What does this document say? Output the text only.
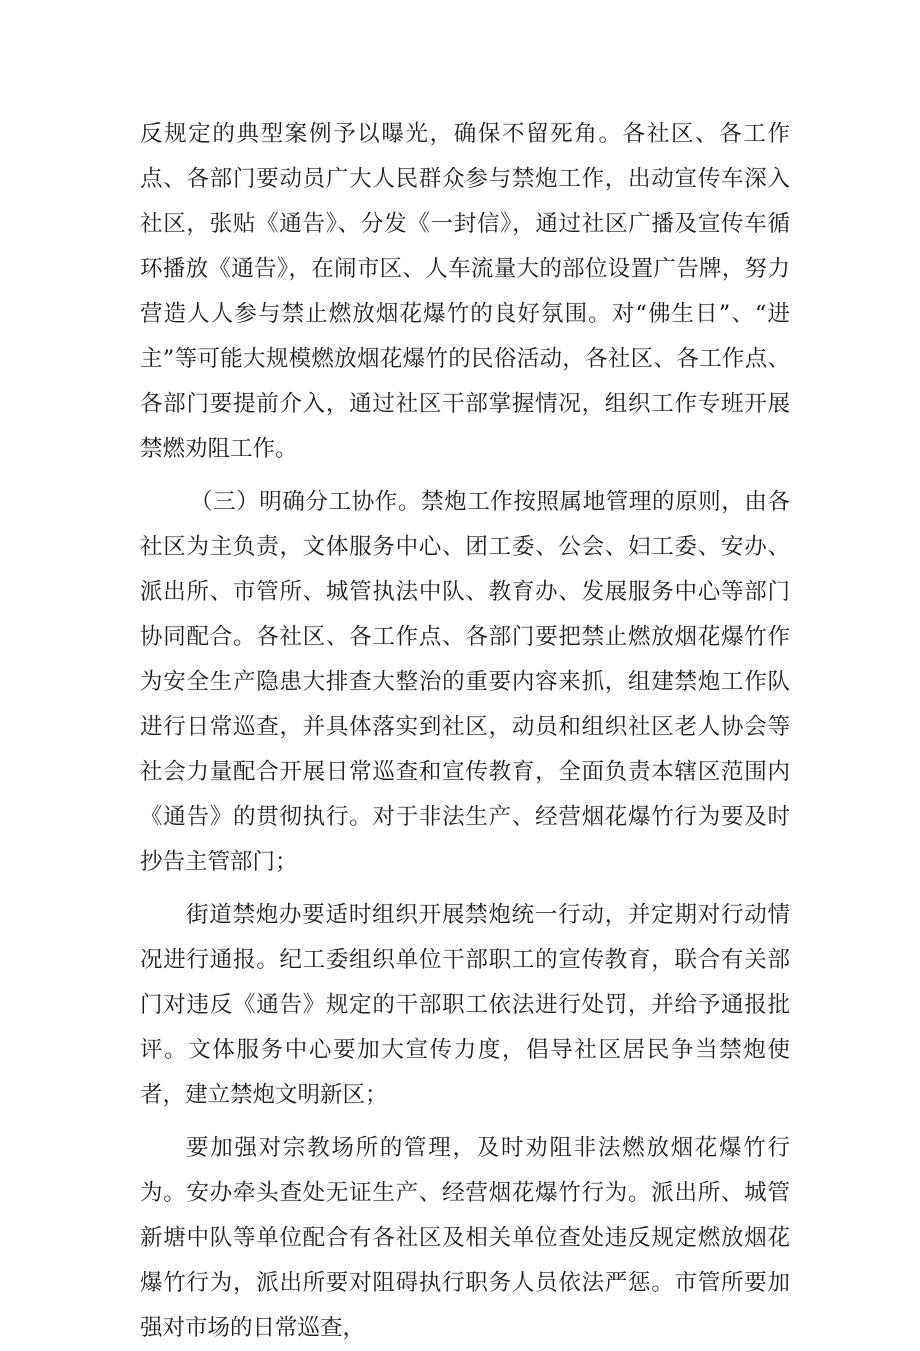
反规定的典型案例予以曝光，确保不留死角。各社区、各工作点、各部门要动员广大人民群众参与禁炮工作，出动宣传车深入社区，张贴《通告》、分发《一封信》，通过社区广播及宣传车循环播放《通告》，在闹市区、人车流量大的部位设置广告牌，努力营造人人参与禁止燃放烟花爆竹的良好氛围。对“佛生日”、“进主”等可能大规模燃放烟花爆竹的民俗活动，各社区、各工作点、各部门要提前介入，通过社区干部掌握情况，组织工作专班开展禁燃劝阻工作。

（三）明确分工协作。禁炮工作按照属地管理的原则，由各社区为主负责，文体服务中心、团工委、公会、妇工委、安办、派出所、市管所、城管执法中队、教育办、发展服务中心等部门协同配合。各社区、各工作点、各部门要把禁止燃放烟花爆竹作为安全生产隐患大排查大整治的重要内容来抓，组建禁炮工作队进行日常巡查，并具体落实到社区，动员和组织社区老人协会等社会力量配合开展日常巡查和宣传教育，全面负责本辖区范围内《通告》的贯彻执行。对于非法生产、经营烟花爆竹行为要及时抄告主管部门；

街道禁炮办要适时组织开展禁炮统一行动，并定期对行动情况进行通报。纪工委组织单位干部职工的宣传教育，联合有关部门对违反《通告》规定的干部职工依法进行处罚，并给予通报批评。文体服务中心要加大宣传力度，倡导社区居民争当禁炮使者，建立禁炮文明新区；

要加强对宗教场所的管理，及时劝阻非法燃放烟花爆竹行为。安办牵头查处无证生产、经营烟花爆竹行为。派出所、城管新塘中队等单位配合有各社区及相关单位查处违反规定燃放烟花爆竹行为，派出所要对阻碍执行职务人员依法严惩。市管所要加强对市场的日常巡查，
